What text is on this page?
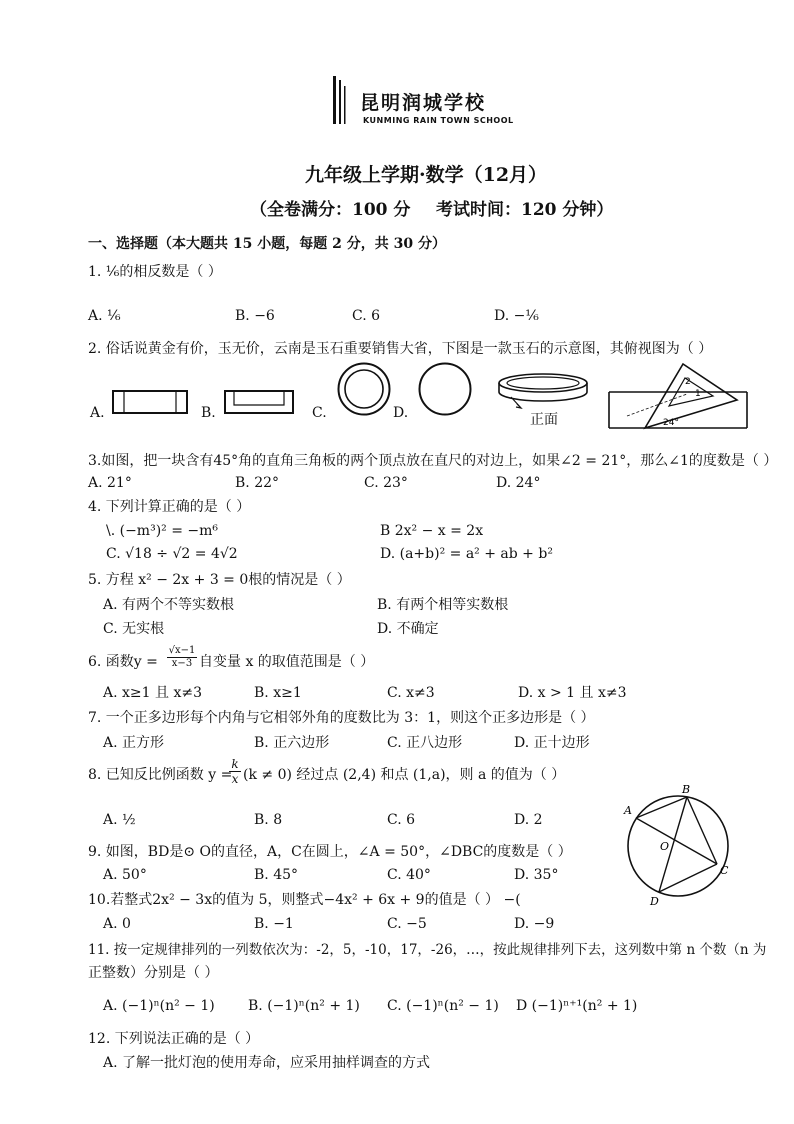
昆明润城学校
KUNMING RAIN TOWN SCHOOL
九年级上学期·数学（12月）
（全卷满分：100 分 考试时间：120 分钟）
一、选择题（本大题共 15 小题，每题 2 分，共 30 分）
1. ¹⁄₆的相反数是（ ）
A. ¹⁄₆	B. −6	C. 6	D. −¹⁄₆
2. 俗话说黄金有价，玉无价，云南是玉石重要销售大省，下图是一款玉石的示意图，其俯视图为（ ）
A.	B.	C.	D.	正面
2
1
24°
3.如图，把一块含有45°角的直角三角板的两个顶点放在直尺的对边上，如果∠2 = 21°，那么∠1的度数是（ ）
A. 21°	B. 22°	C. 23°	D. 24°
4. 下列计算正确的是（ ）
\. (−m³)² = −m⁶	B 2x² − x = 2x
C. √18 ÷ √2 = 4√2	D. (a+b)² = a² + ab + b²
5. 方程 x² − 2x + 3 = 0根的情况是（ ）
A. 有两个不等实数根	B. 有两个相等实数根
C. 无实根	D. 不确定
6. 函数$y = \frac{√x-1}{x-3}$ 自变量 x 的取值范围是（ ）
A. x≥1 且 x≠3	B. x≥1	C. x≠3	D. x > 1 且 x≠3
7. 一个正多边形每个内角与它相邻外角的度数比为 3：1，则这个正多边形是（ ）
A. 正方形	B. 正六边形	C. 正八边形	D. 正十边形
8. 已知反比例函数 y =
$\frac{k}{x} (k \ne 0)$ 经过点 (2,4) 和点 (1,a)，则 a 的值为（ ）
A. ½	B. 8	C. 6	D. 2
A
B
C
D
O
9. 如图，BD是⊙ O的直径，A，C在圆上，∠A = 50°，∠DBC的度数是（ ）
A. 50°	B. 45°	C. 40°	D. 35°
10.若整式2x² − 3x的值为 5，则整式−4x² + 6x + 9的值是（ ） −(
A. 0	B. −1	C. −5	D. −9
11. 按一定规律排列的一列数依次为：-2，5，-10，17，-26，…，按此规律排列下去，这列数中第 n 个数（n 为
正整数）分别是（ ）
A. (−1)ⁿ(n² − 1) B. (−1)ⁿ(n² + 1) C. (−1)ⁿ(n² − 1) D (−1)ⁿ⁺¹(n² + 1)
12. 下列说法正确的是（ ）
A. 了解一批灯泡的使用寿命，应采用抽样调查的方式
